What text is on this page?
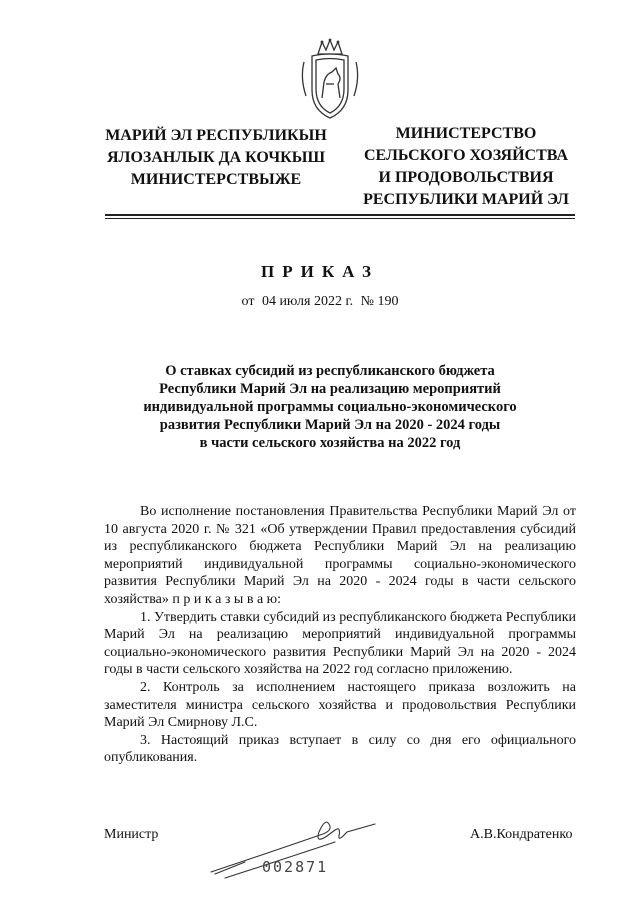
МАРИЙ ЭЛ РЕСПУБЛИКЫН
ЯЛОЗАНЛЫК ДА КОЧКЫШ
МИНИСТЕРСТВЫЖЕ
МИНИСТЕРСТВО
СЕЛЬСКОГО ХОЗЯЙСТВА
И ПРОДОВОЛЬСТВИЯ
РЕСПУБЛИКИ МАРИЙ ЭЛ
ПРИКАЗ
от 04 июля 2022 г. № 190
О ставках субсидий из республиканского бюджета
Республики Марий Эл на реализацию мероприятий
индивидуальной программы социально-экономического
развития Республики Марий Эл на 2020 - 2024 годы
в части сельского хозяйства на 2022 год

Во исполнение постановления Правительства Республики Марий Эл от 10 августа 2020 г. № 321 «Об утверждении Правил предоставления субсидий из республиканского бюджета Республики Марий Эл на реализацию мероприятий индивидуальной программы социально-экономического развития Республики Марий Эл на 2020 - 2024 годы в части сельского хозяйства» п р и к а з ы в а ю:

1. Утвердить ставки субсидий из республиканского бюджета Республики Марий Эл на реализацию мероприятий индивидуальной программы социально-экономического развития Республики Марий Эл на 2020 - 2024 годы в части сельского хозяйства на 2022 год согласно приложению.

2. Контроль за исполнением настоящего приказа возложить на заместителя министра сельского хозяйства и продовольствия Республики Марий Эл Смирнову Л.С.

3. Настоящий приказ вступает в силу со дня его официального опубликования.

Министр
002871
А.В.Кондратенко
